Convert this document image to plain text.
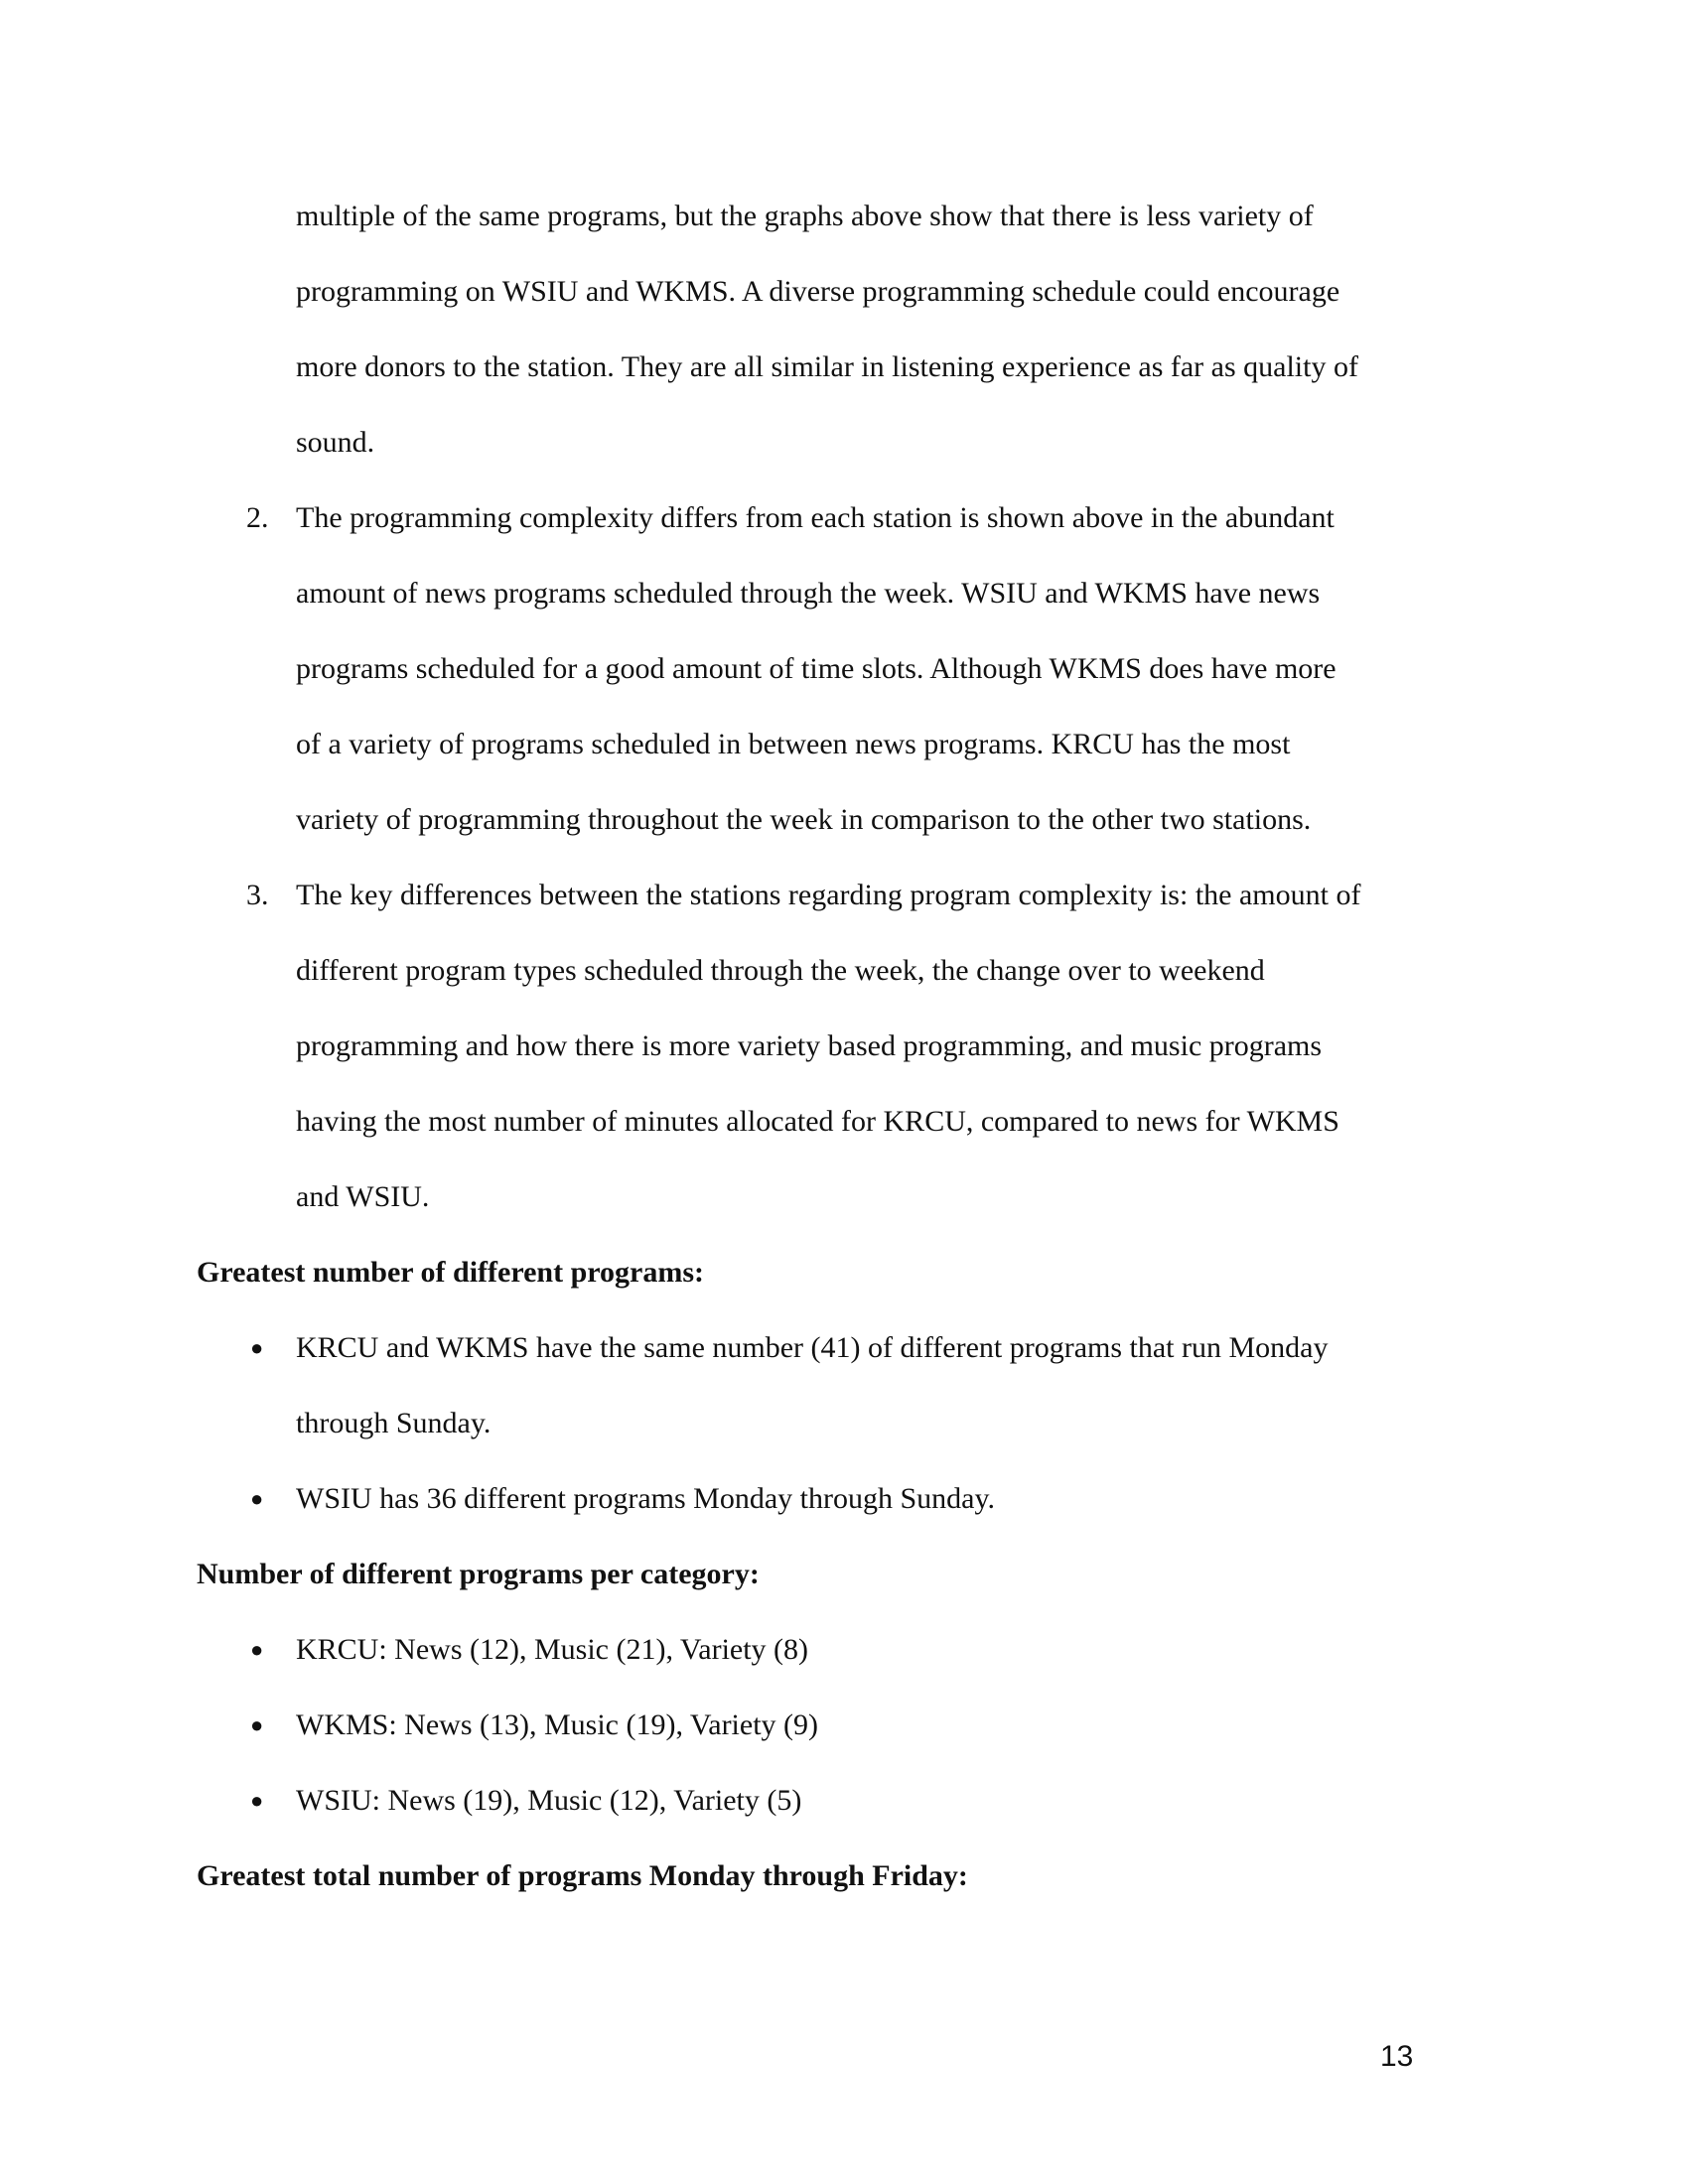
multiple of the same programs, but the graphs above show that there is less variety of
programming on WSIU and WKMS. A diverse programming schedule could encourage
more donors to the station. They are all similar in listening experience as far as quality of
sound.
2. The programming complexity differs from each station is shown above in the abundant
amount of news programs scheduled through the week. WSIU and WKMS have news
programs scheduled for a good amount of time slots. Although WKMS does have more
of a variety of programs scheduled in between news programs. KRCU has the most
variety of programming throughout the week in comparison to the other two stations.
3. The key differences between the stations regarding program complexity is: the amount of
different program types scheduled through the week, the change over to weekend
programming and how there is more variety based programming, and music programs
having the most number of minutes allocated for KRCU, compared to news for WKMS
and WSIU.
Greatest number of different programs:
● KRCU and WKMS have the same number (41) of different programs that run Monday
through Sunday.
● WSIU has 36 different programs Monday through Sunday.
Number of different programs per category:
● KRCU: News (12), Music (21), Variety (8)
● WKMS: News (13), Music (19), Variety (9)
● WSIU: News (19), Music (12), Variety (5)
Greatest total number of programs Monday through Friday:
13
